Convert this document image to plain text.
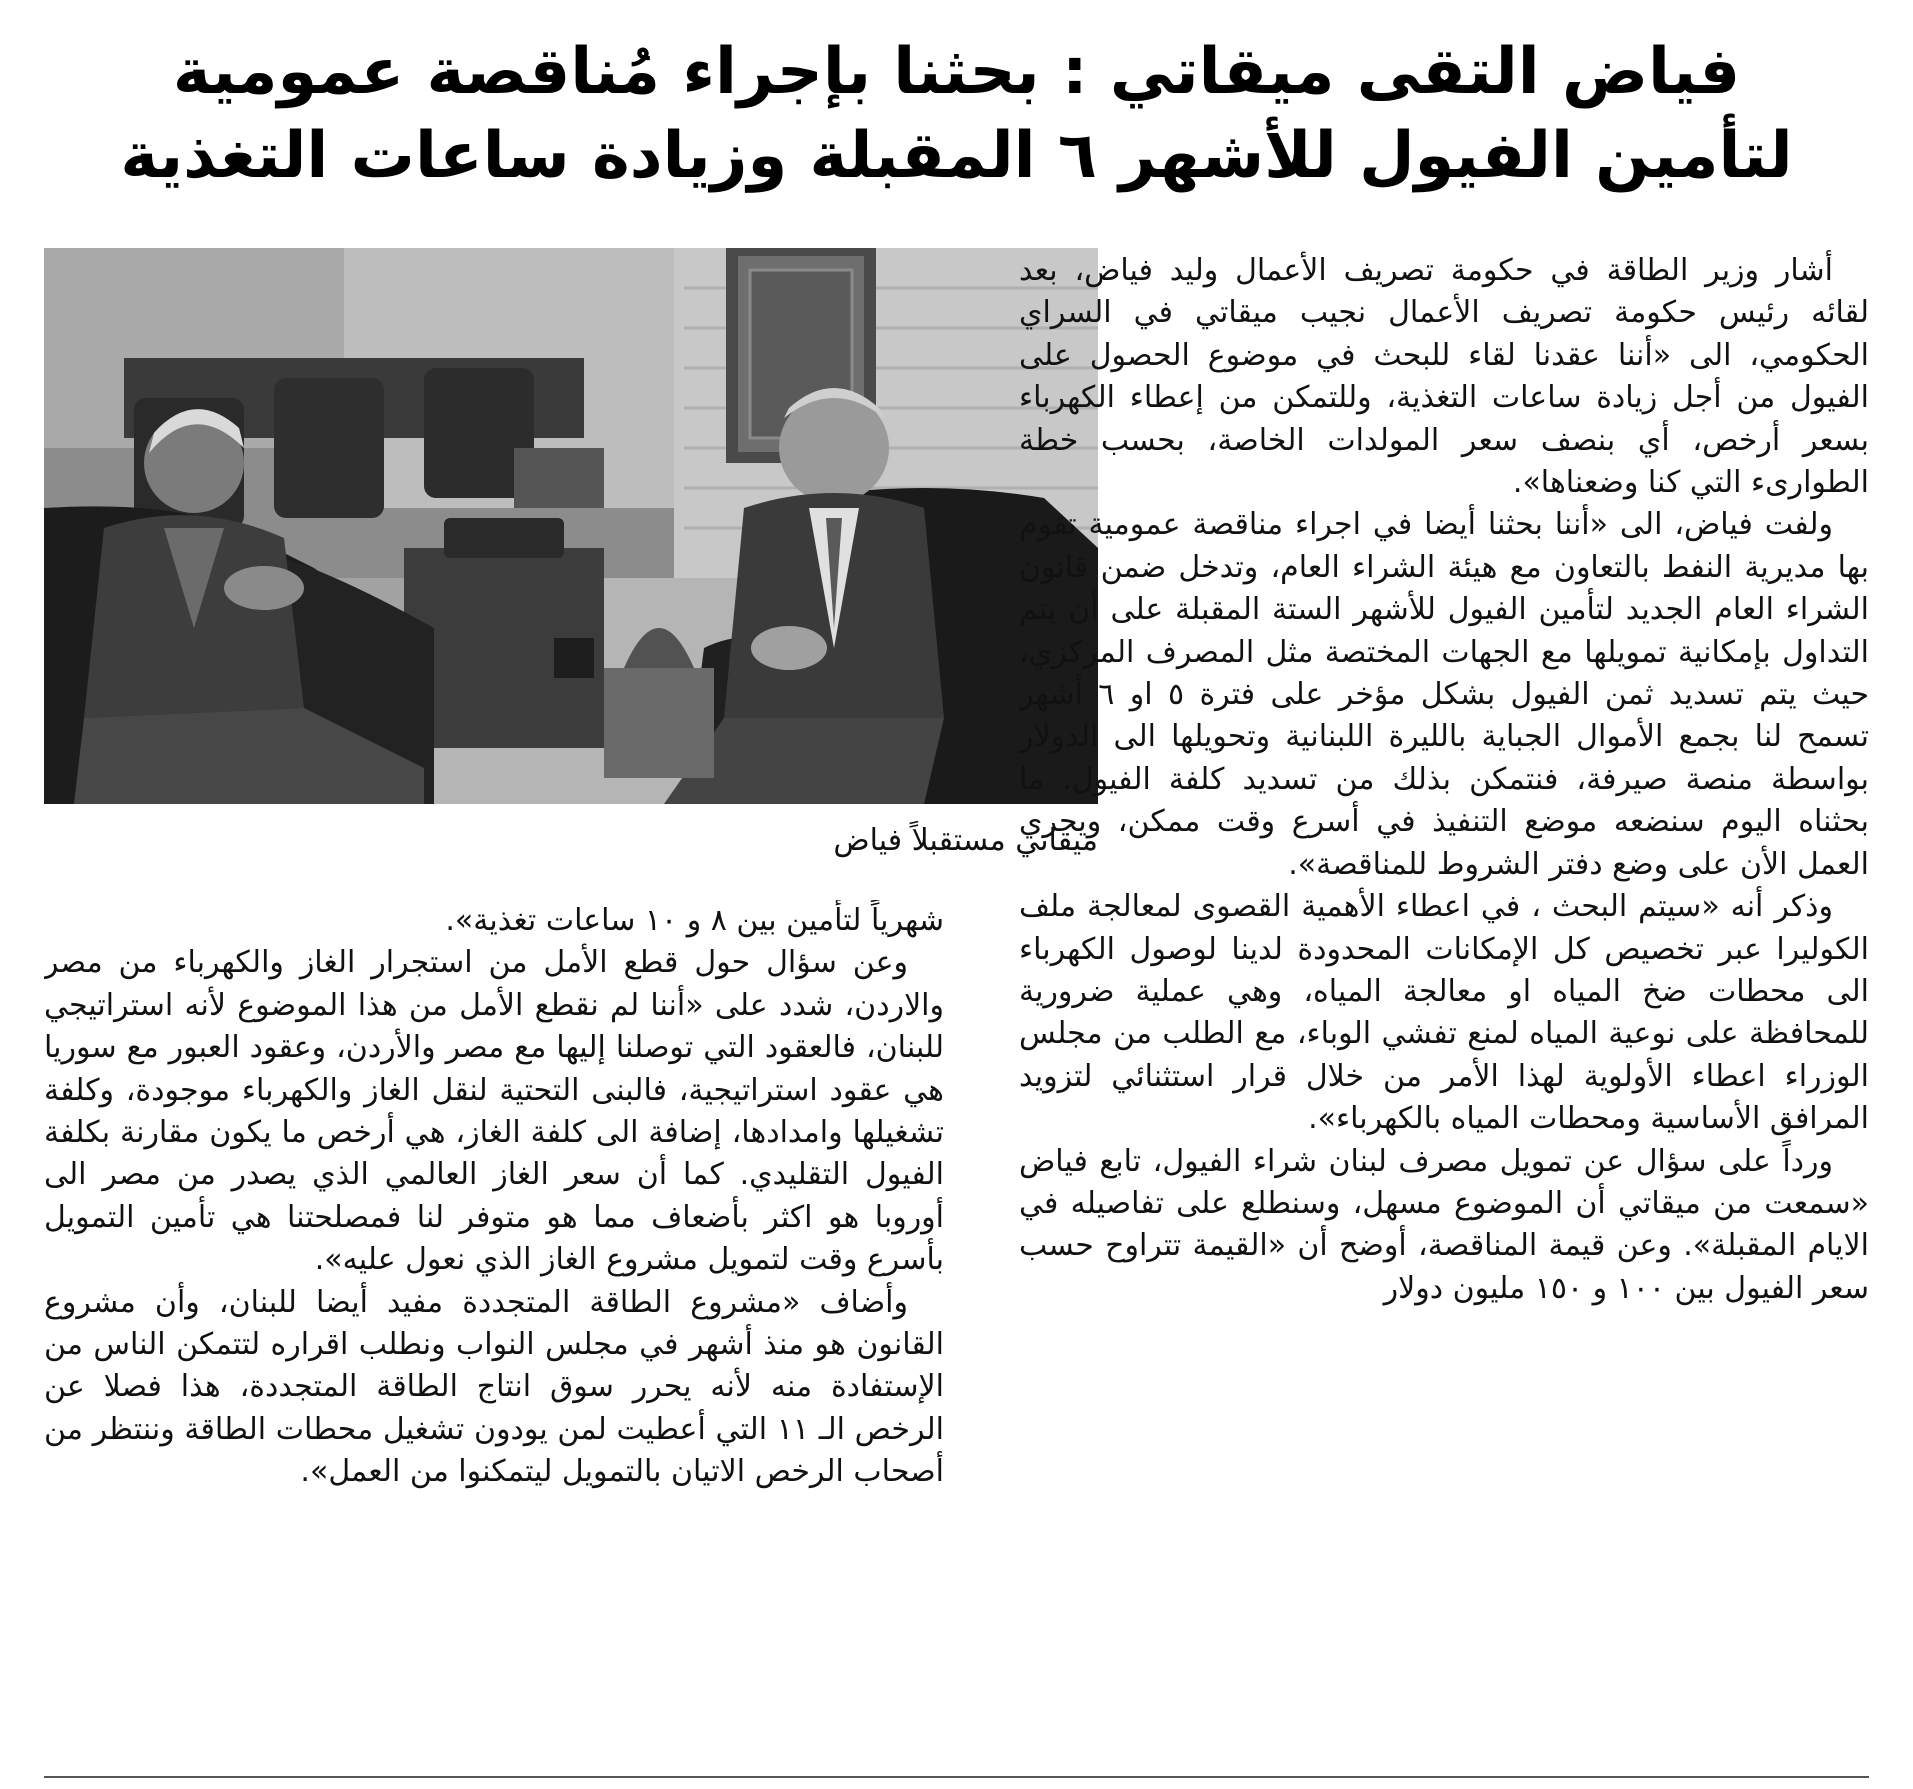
فياض التقى ميقاتي : بحثنا بإجراء مُناقصة عمومية
لتأمين الفيول للأشهر ٦ المقبلة وزيادة ساعات التغذية
ميقاتي مستقبلاً فياض

أشار وزير الطاقة في حكومة تصريف الأعمال وليد فياض، بعد لقائه رئيس حكومة تصريف الأعمال نجيب ميقاتي في السراي الحكومي، الى «أننا عقدنا لقاء للبحث في موضوع الحصول على الفيول من أجل زيادة ساعات التغذية، وللتمكن من إعطاء الكهرباء بسعر أرخص، أي بنصف سعر المولدات الخاصة، بحسب خطة الطوارىء التي كنا وضعناها».

ولفت فياض، الى «أننا بحثنا أيضا في اجراء مناقصة عمومية تقوم بها مديرية النفط بالتعاون مع هيئة الشراء العام، وتدخل ضمن قانون الشراء العام الجديد لتأمين الفيول للأشهر الستة المقبلة على أن يتم التداول بإمكانية تمويلها مع الجهات المختصة مثل المصرف المركزي، حيث يتم تسديد ثمن الفيول بشكل مؤخر على فترة ٥ او ٦ أشهر تسمح لنا بجمع الأموال الجباية بالليرة اللبنانية وتحويلها الى الدولار بواسطة منصة صيرفة، فنتمكن بذلك من تسديد كلفة الفيول. ما بحثناه اليوم سنضعه موضع التنفيذ في أسرع وقت ممكن، ويجري العمل الأن على وضع دفتر الشروط للمناقصة».

وذكر أنه «سيتم البحث ، في اعطاء الأهمية القصوى لمعالجة ملف الكوليرا عبر تخصيص كل الإمكانات المحدودة لدينا لوصول الكهرباء الى محطات ضخ المياه او معالجة المياه، وهي عملية ضرورية للمحافظة على نوعية المياه لمنع تفشي الوباء، مع الطلب من مجلس الوزراء اعطاء الأولوية لهذا الأمر من خلال قرار استثنائي لتزويد المرافق الأساسية ومحطات المياه بالكهرباء».

ورداً على سؤال عن تمويل مصرف لبنان شراء الفيول، تابع فياض «سمعت من ميقاتي أن الموضوع مسهل، وسنطلع على تفاصيله في الايام المقبلة». وعن قيمة المناقصة، أوضح أن «القيمة تتراوح حسب سعر الفيول بين ١٠٠ و ١٥٠ مليون دولار

شهرياً لتأمين بين ٨ و ١٠ ساعات تغذية».

وعن سؤال حول قطع الأمل من استجرار الغاز والكهرباء من مصر والاردن، شدد على «أننا لم نقطع الأمل من هذا الموضوع لأنه استراتيجي للبنان، فالعقود التي توصلنا إليها مع مصر والأردن، وعقود العبور مع سوريا هي عقود استراتيجية، فالبنى التحتية لنقل الغاز والكهرباء موجودة، وكلفة تشغيلها وامدادها، إضافة الى كلفة الغاز، هي أرخص ما يكون مقارنة بكلفة الفيول التقليدي. كما أن سعر الغاز العالمي الذي يصدر من مصر الى أوروبا هو اكثر بأضعاف مما هو متوفر لنا فمصلحتنا هي تأمين التمويل بأسرع وقت لتمويل مشروع الغاز الذي نعول عليه».

وأضاف «مشروع الطاقة المتجددة مفيد أيضا للبنان، وأن مشروع القانون هو منذ أشهر في مجلس النواب ونطلب اقراره لتتمكن الناس من الإستفادة منه لأنه يحرر سوق انتاج الطاقة المتجددة، هذا فصلا عن الرخص الـ ١١ التي أعطيت لمن يودون تشغيل محطات الطاقة وننتظر من أصحاب الرخص الاتيان بالتمويل ليتمكنوا من العمل».
